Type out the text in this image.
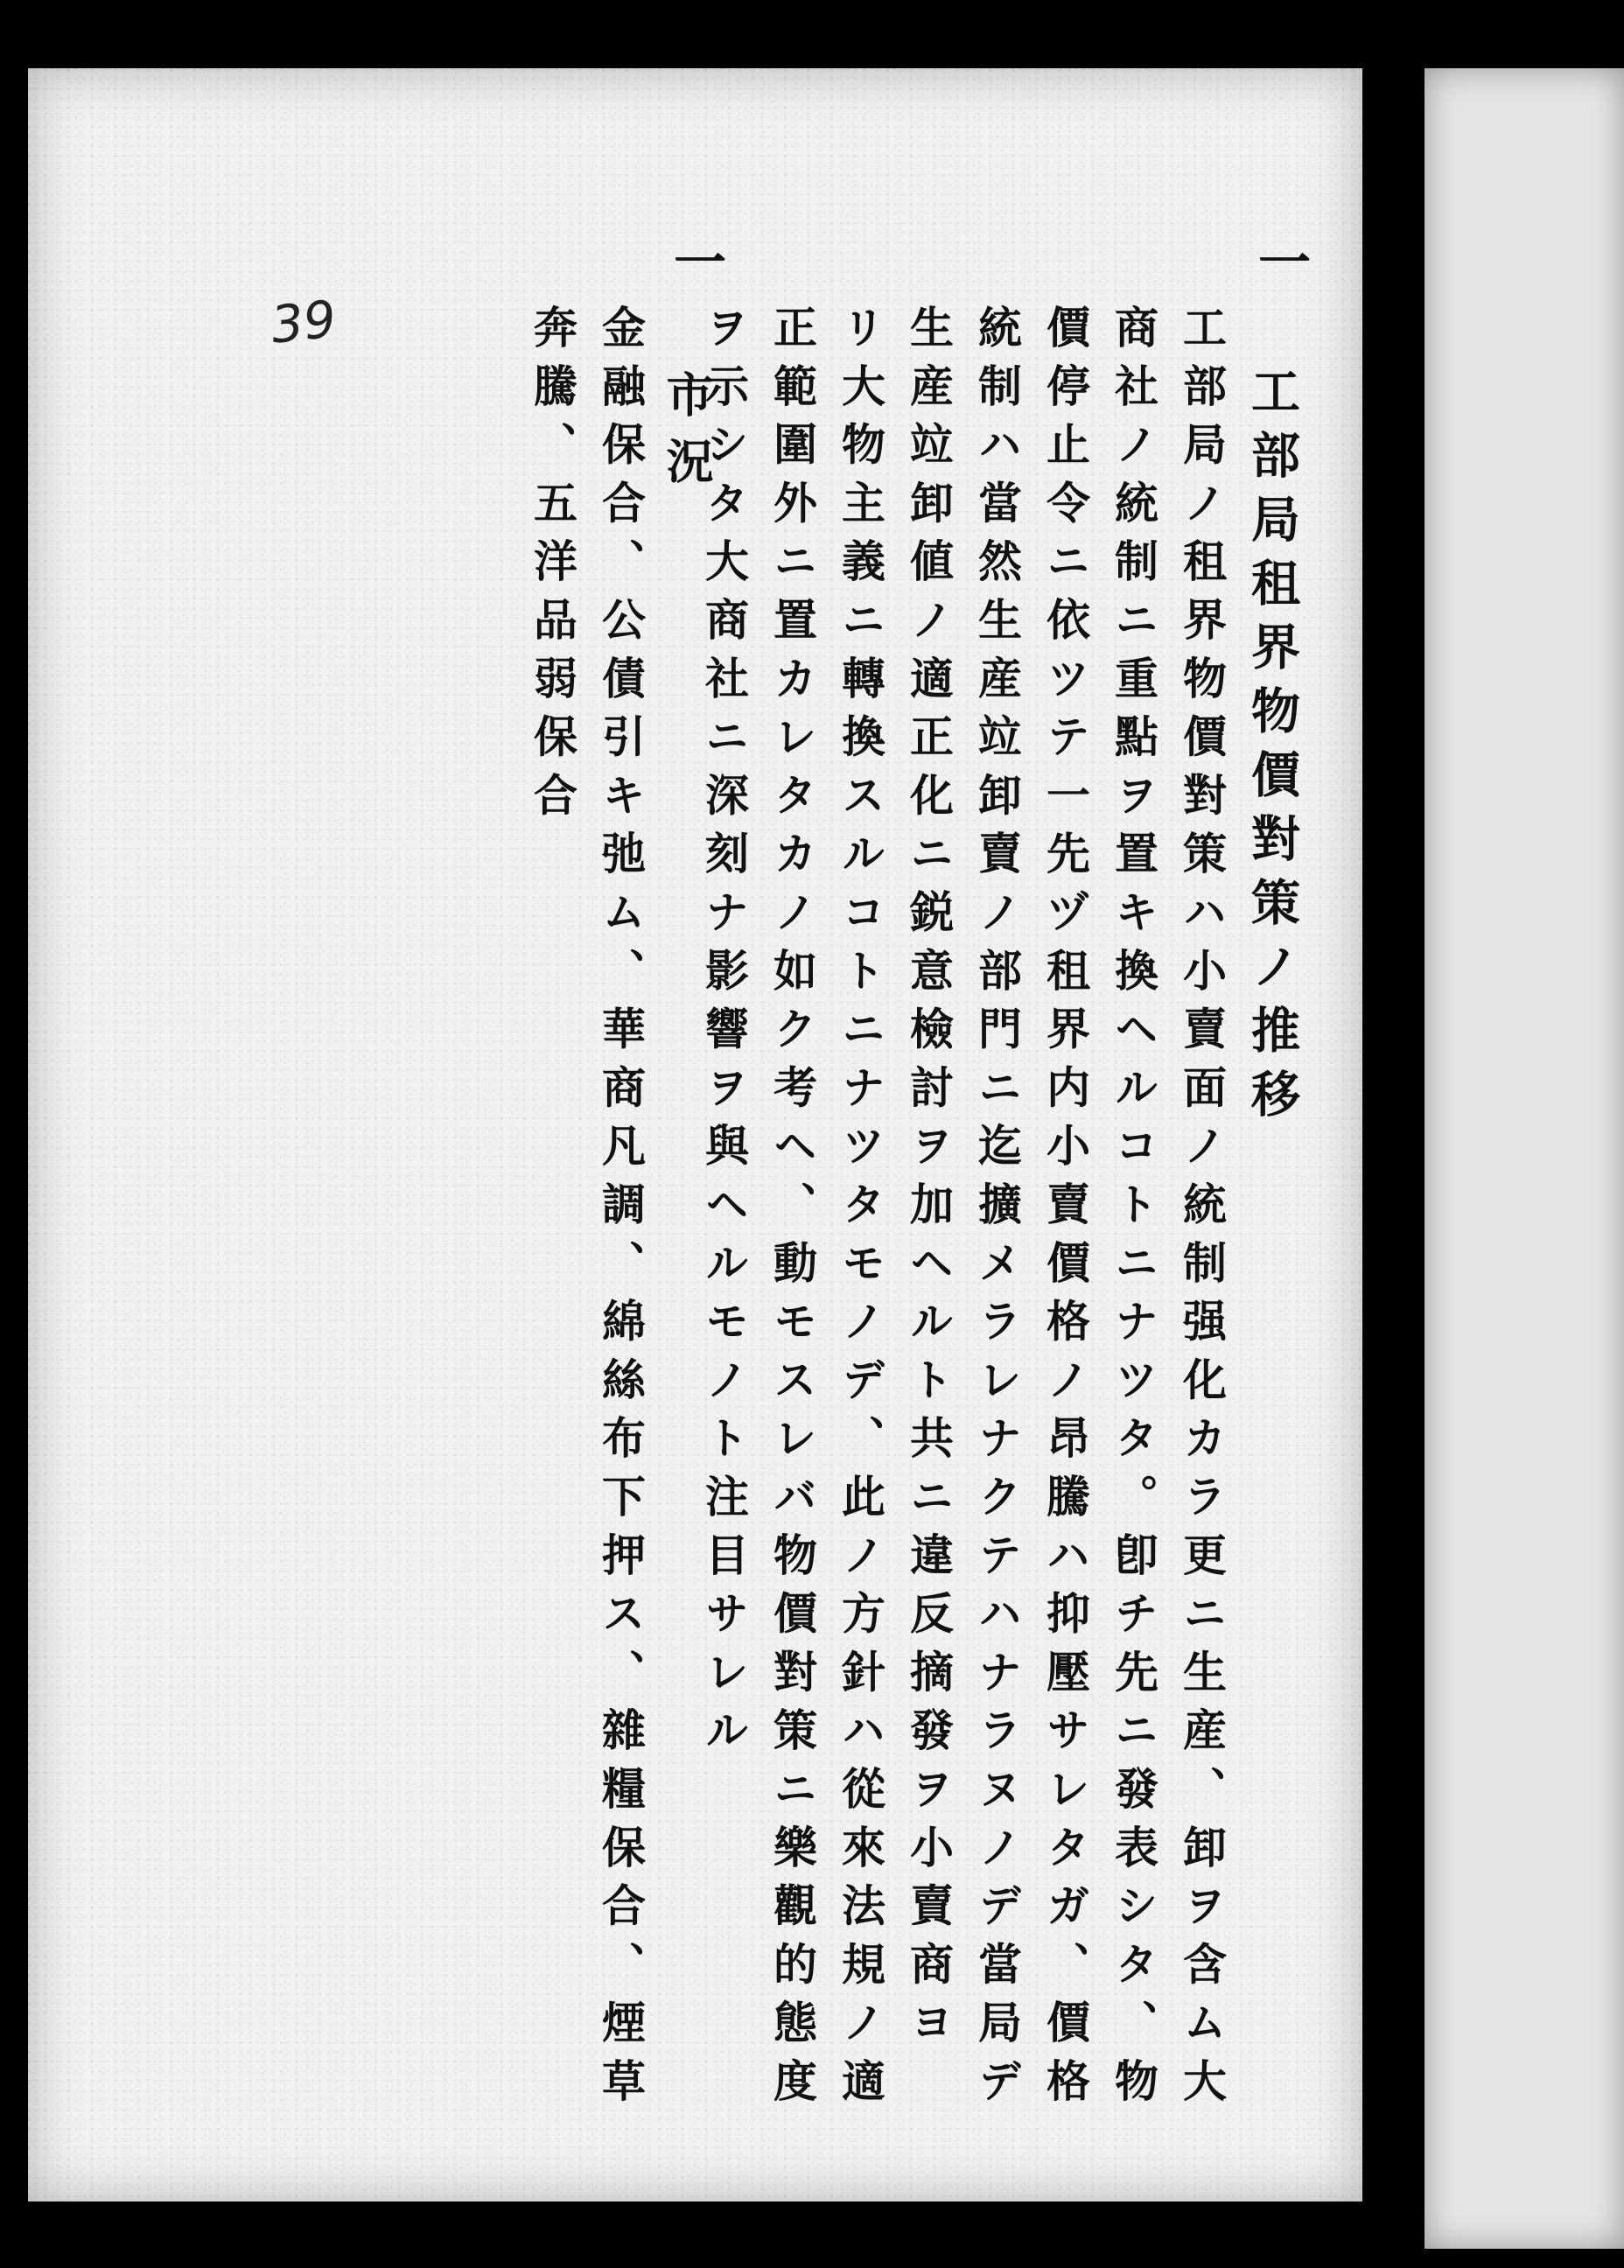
39
一
工部局租界物價對策ノ推移
工部局ノ租界物價對策ハ小賣面ノ統制强化カラ更ニ生産、卸ヲ含ム大
商社ノ統制ニ重點ヲ置キ換ヘルコトニナツタ。卽チ先ニ發表シタ、物
價停止令ニ依ツテ一先ヅ租界内小賣價格ノ昂騰ハ抑壓サレタガ、價格
統制ハ當然生産竝卸賣ノ部門ニ迄擴メラレナクテハナラヌノデ當局デ
生産竝卸値ノ適正化ニ鋭意檢討ヲ加ヘルト共ニ違反摘發ヲ小賣商ヨ
リ大物主義ニ轉換スルコトニナツタモノデ、此ノ方針ハ從來法規ノ適
正範圍外ニ置カレタカノ如ク考ヘ、動モスレバ物價對策ニ樂觀的態度
ヲ示シタ大商社ニ深刻ナ影響ヲ與ヘルモノト注目サレル
一
市況
金融保合、公債引キ弛ム、華商凡調、綿絲布下押ス、雜糧保合、煙草
奔騰、五洋品弱保合
